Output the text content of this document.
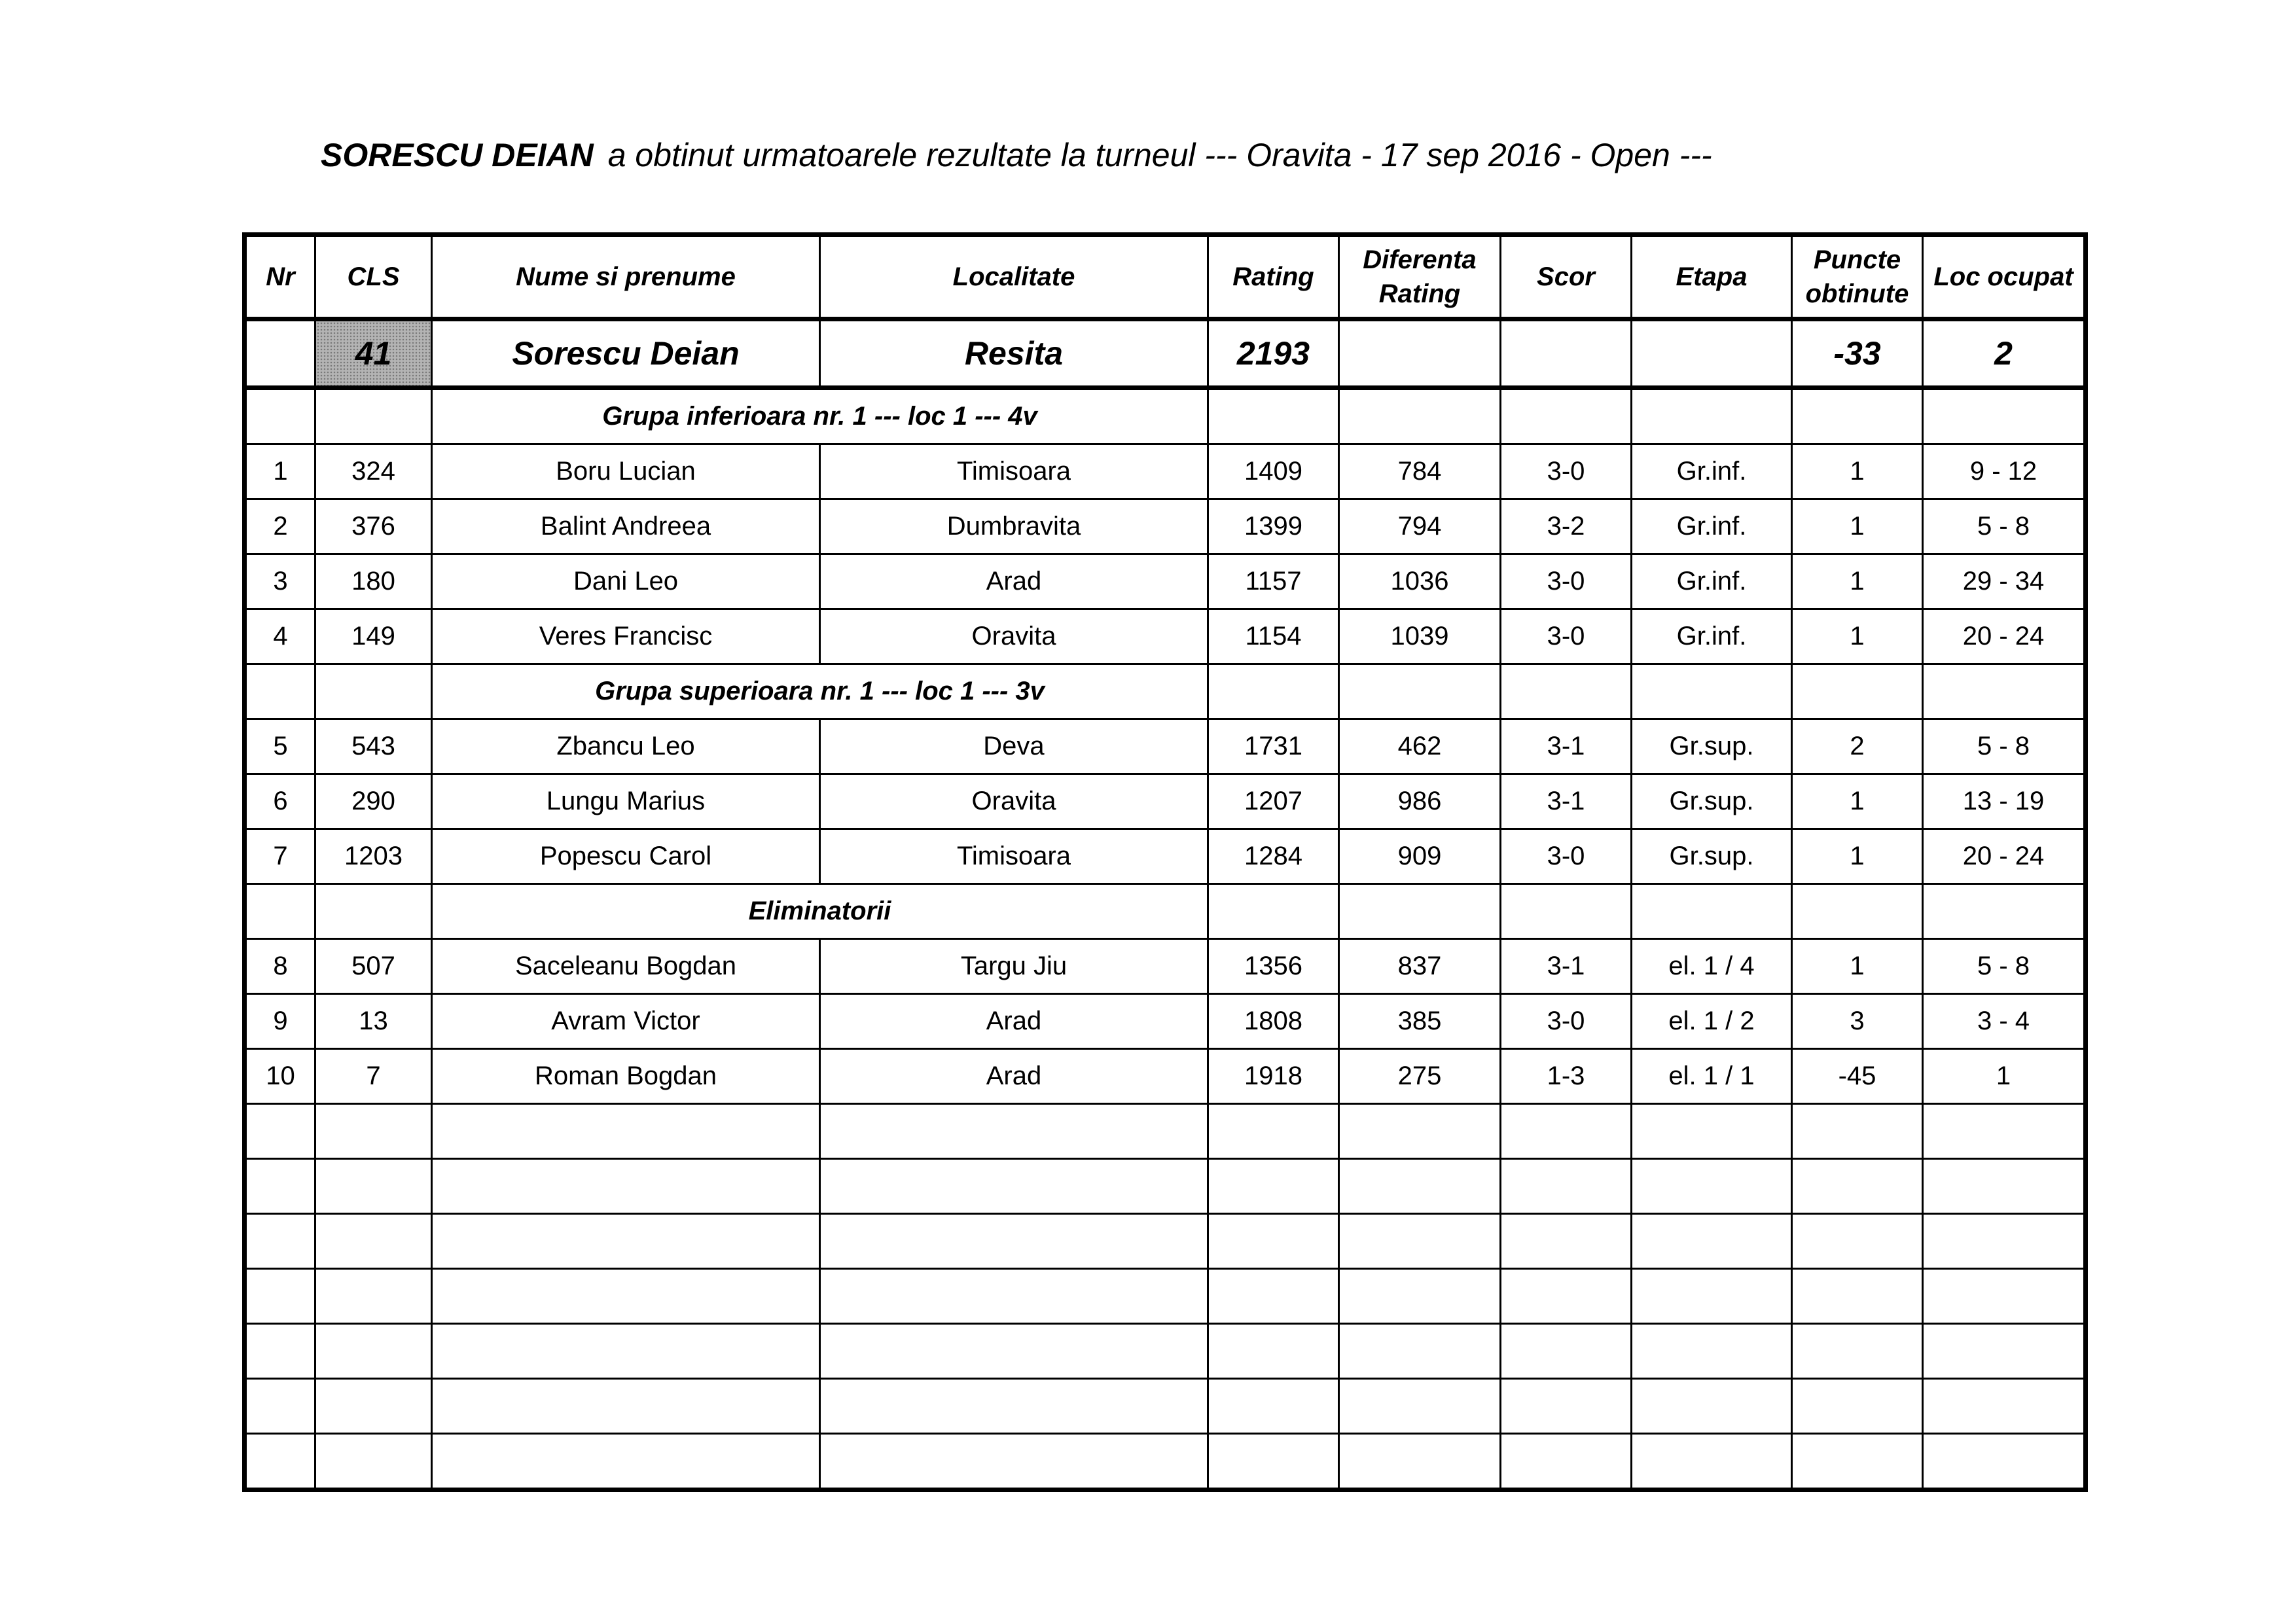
SORESCU DEIAN a obtinut urmatoarele rezultate la turneul --- Oravita - 17 sep 2016 - Open ---
Nr	CLS	Nume si prenume	Localitate	Rating	Diferenta Rating	Scor	Etapa	Puncte obtinute	Loc ocupat
	41	Sorescu Deian	Resita	2193				-33	2
		Grupa inferioara nr. 1 --- loc 1 --- 4v							
1	324	Boru Lucian	Timisoara	1409	784	3-0	Gr.inf.	1	9 - 12
2	376	Balint Andreea	Dumbravita	1399	794	3-2	Gr.inf.	1	5 - 8
3	180	Dani Leo	Arad	1157	1036	3-0	Gr.inf.	1	29 - 34
4	149	Veres Francisc	Oravita	1154	1039	3-0	Gr.inf.	1	20 - 24
		Grupa superioara nr. 1 --- loc 1 --- 3v							
5	543	Zbancu Leo	Deva	1731	462	3-1	Gr.sup.	2	5 - 8
6	290	Lungu Marius	Oravita	1207	986	3-1	Gr.sup.	1	13 - 19
7	1203	Popescu Carol	Timisoara	1284	909	3-0	Gr.sup.	1	20 - 24
		Eliminatorii							
8	507	Saceleanu Bogdan	Targu Jiu	1356	837	3-1	el. 1 / 4	1	5 - 8
9	13	Avram Victor	Arad	1808	385	3-0	el. 1 / 2	3	3 - 4
10	7	Roman Bogdan	Arad	1918	275	1-3	el. 1 / 1	-45	1
